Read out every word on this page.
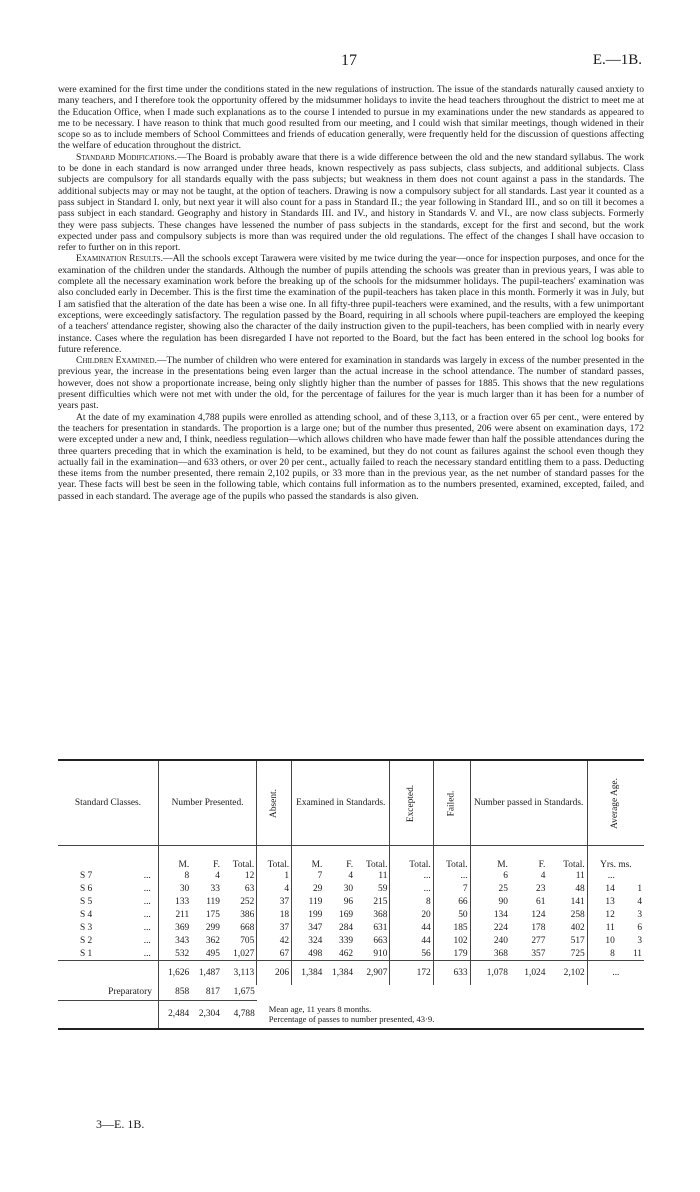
17	E.—1B.

were examined for the first time under the conditions stated in the new regulations of instruction. The issue of the standards naturally caused anxiety to many teachers, and I therefore took the opportunity offered by the midsummer holidays to invite the head teachers throughout the district to meet me at the Education Office, when I made such explanations as to the course I intended to pursue in my examinations under the new standards as appeared to me to be necessary. I have reason to think that much good resulted from our meeting, and I could wish that similar meetings, though widened in their scope so as to include members of School Committees and friends of education generally, were frequently held for the discussion of questions affecting the welfare of education throughout the district.

Standard Modifications.—The Board is probably aware that there is a wide difference between the old and the new standard syllabus. The work to be done in each standard is now arranged under three heads, known respectively as pass subjects, class subjects, and additional subjects. Class subjects are compulsory for all standards equally with the pass subjects; but weakness in them does not count against a pass in the standards. The additional subjects may or may not be taught, at the option of teachers. Drawing is now a compulsory subject for all standards. Last year it counted as a pass subject in Standard I. only, but next year it will also count for a pass in Standard II.; the year following in Standard III., and so on till it becomes a pass subject in each standard. Geography and history in Standards III. and IV., and history in Standards V. and VI., are now class subjects. Formerly they were pass subjects. These changes have lessened the number of pass subjects in the standards, except for the first and second, but the work expected under pass and compulsory subjects is more than was required under the old regulations. The effect of the changes I shall have occasion to refer to further on in this report.

Examination Results.—All the schools except Tarawera were visited by me twice during the year—once for inspection purposes, and once for the examination of the children under the standards. Although the number of pupils attending the schools was greater than in previous years, I was able to complete all the necessary examination work before the breaking up of the schools for the midsummer holidays. The pupil-teachers' examination was also concluded early in December. This is the first time the examination of the pupil-teachers has taken place in this month. Formerly it was in July, but I am satisfied that the alteration of the date has been a wise one. In all fifty-three pupil-teachers were examined, and the results, with a few unimportant exceptions, were exceedingly satisfactory. The regulation passed by the Board, requiring in all schools where pupil-teachers are employed the keeping of a teachers' attendance register, showing also the character of the daily instruction given to the pupil-teachers, has been complied with in nearly every instance. Cases where the regulation has been disregarded I have not reported to the Board, but the fact has been entered in the school log books for future reference.

Children Examined.—The number of children who were entered for examination in standards was largely in excess of the number presented in the previous year, the increase in the presentations being even larger than the actual increase in the school attendance. The number of standard passes, however, does not show a proportionate increase, being only slightly higher than the number of passes for 1885. This shows that the new regulations present difficulties which were not met with under the old, for the percentage of failures for the year is much larger than it has been for a number of years past.

At the date of my examination 4,788 pupils were enrolled as attending school, and of these 3,113, or a fraction over 65 per cent., were entered by the teachers for presentation in standards. The proportion is a large one; but of the number thus presented, 206 were absent on examination days, 172 were excepted under a new and, I think, needless regulation—which allows children who have made fewer than half the possible attendances during the three quarters preceding that in which the examination is held, to be examined, but they do not count as failures against the school even though they actually fail in the examination—and 633 others, or over 20 per cent., actually failed to reach the necessary standard entitling them to a pass. Deducting these items from the number presented, there remain 2,102 pupils, or 33 more than in the previous year, as the net number of standard passes for the year. These facts will best be seen in the following table, which contains full information as to the numbers presented, examined, excepted, failed, and passed in each standard. The average age of the pupils who passed the standards is also given.

Standard Classes.		Number Presented.			Absent.	Examined in Standards.			Excepted.	Failed.	Number passed in Standards.			Average Age.	
		M.	F.	Total.	Total.	M.	F.	Total.	Total.	Total.	M.	F.	Total.	Yrs. ms.	
S 7	...	8	4	12	1	7	4	11	...	...	6	4	11	...	
S 6	...	30	33	63	4	29	30	59	...	7	25	23	48	14	1
S 5	...	133	119	252	37	119	96	215	8	66	90	61	141	13	4
S 4	...	211	175	386	18	199	169	368	20	50	134	124	258	12	3
S 3	...	369	299	668	37	347	284	631	44	185	224	178	402	11	6
S 2	...	343	362	705	42	324	339	663	44	102	240	277	517	10	3
S 1	...	532	495	1,027	67	498	462	910	56	179	368	357	725	8	11
		1,626	1,487	3,113	206	1,384	1,384	2,907	172	633	1,078	1,024	2,102	...	
Preparatory		858	817	1,675											
		2,484	2,304	4,788	Mean age, 11 years 8 months.
Percentage of passes to number presented, 43·9.										

3—E. 1B.
